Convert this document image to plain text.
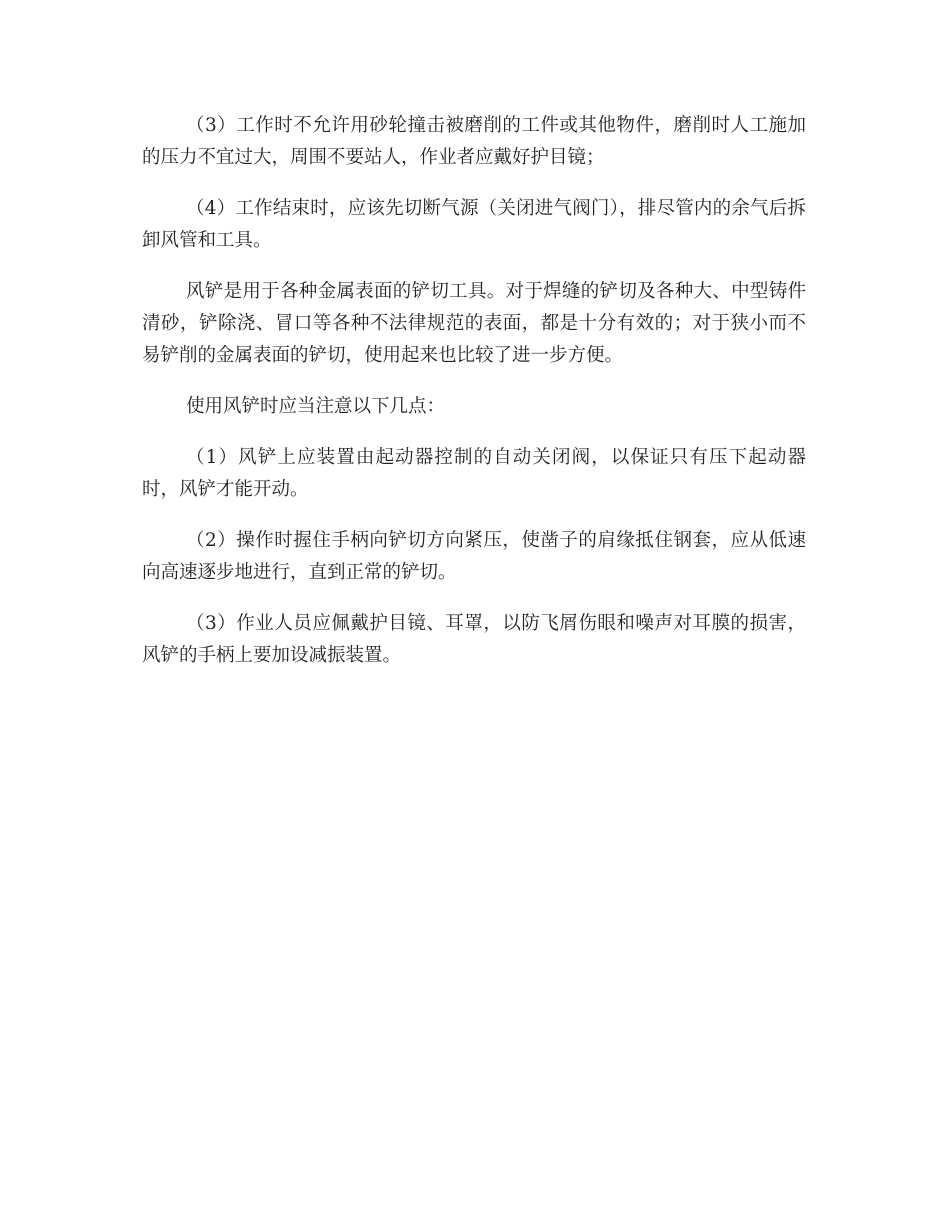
（3）工作时不允许用砂轮撞击被磨削的工件或其他物件，磨削时人工施加的压力不宜过大，周围不要站人，作业者应戴好护目镜；

（4）工作结束时，应该先切断气源（关闭进气阀门），排尽管内的余气后拆卸风管和工具。

风铲是用于各种金属表面的铲切工具。对于焊缝的铲切及各种大、中型铸件清砂，铲除浇、冒口等各种不法律规范的表面，都是十分有效的；对于狭小而不易铲削的金属表面的铲切，使用起来也比较了进一步方便。

使用风铲时应当注意以下几点：

（1）风铲上应装置由起动器控制的自动关闭阀，以保证只有压下起动器时，风铲才能开动。

（2）操作时握住手柄向铲切方向紧压，使凿子的肩缘抵住钢套，应从低速向高速逐步地进行，直到正常的铲切。

（3）作业人员应佩戴护目镜、耳罩，以防飞屑伤眼和噪声对耳膜的损害，风铲的手柄上要加设减振装置。
